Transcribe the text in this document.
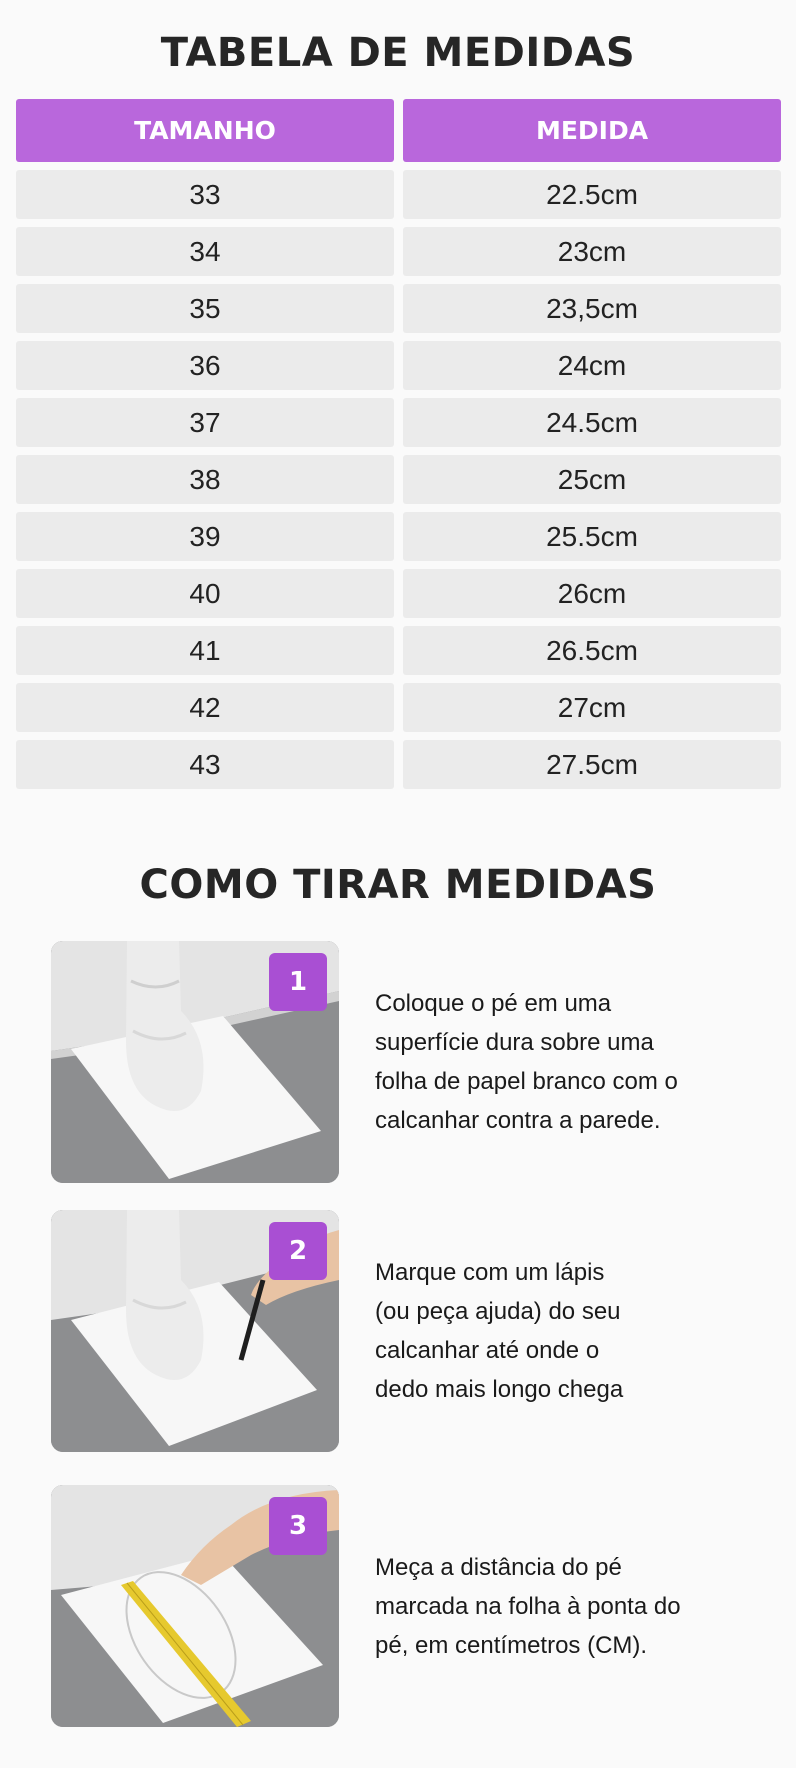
TABELA DE MEDIDAS
TAMANHO	MEDIDA
33	22.5cm
34	23cm
35	23,5cm
36	24cm
37	24.5cm
38	25cm
39	25.5cm
40	26cm
41	26.5cm
42	27cm
43	27.5cm
COMO TIRAR MEDIDAS
1
Coloque o pé em uma
superfície dura sobre uma
folha de papel branco com o
calcanhar contra a parede.
2
Marque com um lápis
(ou peça ajuda) do seu
calcanhar até onde o
dedo mais longo chega
3
Meça a distância do pé
marcada na folha à ponta do
pé, em centímetros (CM).
